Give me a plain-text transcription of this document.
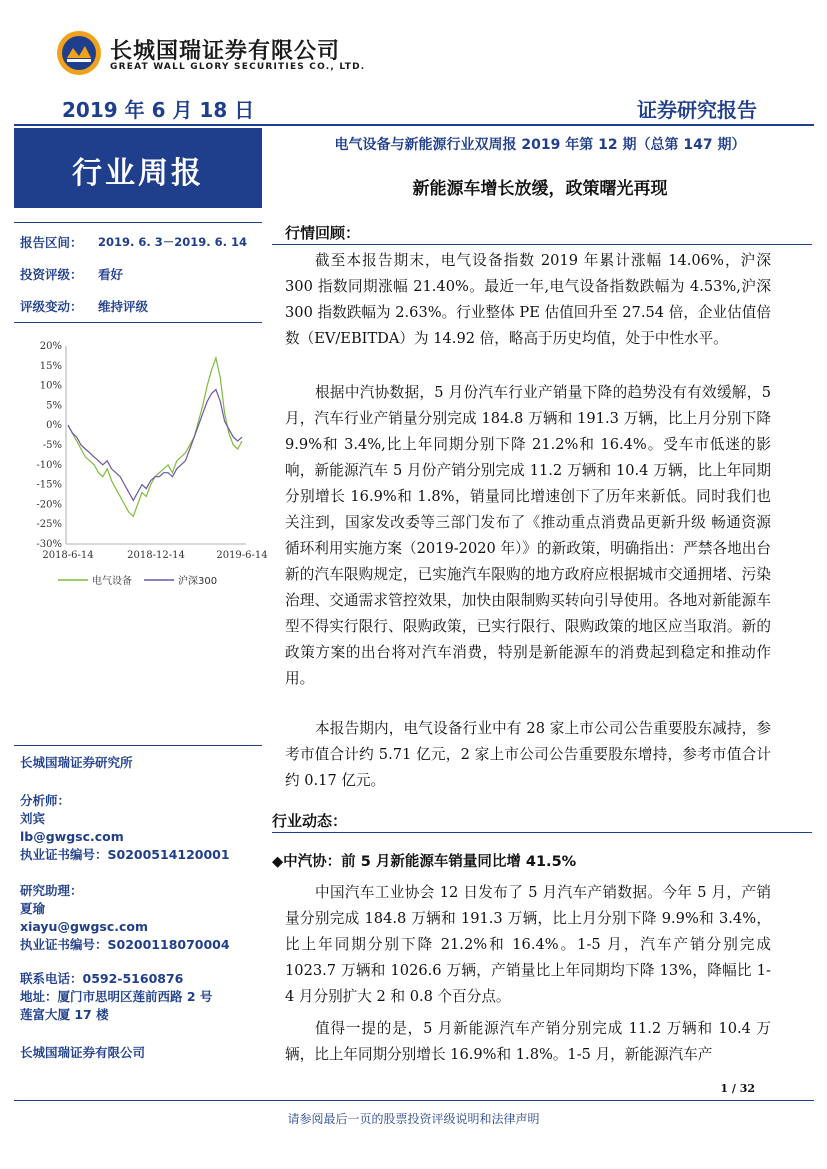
长城国瑞证券有限公司
GREAT WALL GLORY SECURITIES CO., LTD.
2019 年 6 月 18 日	证券研究报告
行业周报
电气设备与新能源行业双周报 2019 年第 12 期（总第 147 期）
新能源车增长放缓，政策曙光再现
报告区间： 2019. 6. 3－2019. 6. 14
投资评级： 看好
评级变动： 维持评级
20%
15%
10%
5%
0%
-5%
-10%
-15%
-20%
-25%
-30%
2018-6-14	2018-12-14	2019-6-14
电气设备	沪深300
长城国瑞证券研究所
分析师：
刘宾
lb@gwgsc.com
执业证书编号：S0200514120001
研究助理：
夏瑜
xiayu@gwgsc.com
执业证书编号：S0200118070004
联系电话：0592-5160876
地址：厦门市思明区莲前西路 2 号
莲富大厦 17 楼
长城国瑞证券有限公司
行情回顾：
截至本报告期末，电气设备指数 2019 年累计涨幅 14.06%，沪深 300 指数同期涨幅 21.40%。最近一年,电气设备指数跌幅为 4.53%,沪深 300 指数跌幅为 2.63%。行业整体 PE 估值回升至 27.54 倍，企业估值倍数（EV/EBITDA）为 14.92 倍，略高于历史均值，处于中性水平。
根据中汽协数据，5 月份汽车行业产销量下降的趋势没有有效缓解，5 月，汽车行业产销量分别完成 184.8 万辆和 191.3 万辆，比上月分别下降 9.9%和 3.4%,比上年同期分别下降 21.2%和 16.4%。受车市低迷的影响，新能源汽车 5 月份产销分别完成 11.2 万辆和 10.4 万辆，比上年同期分别增长 16.9%和 1.8%，销量同比增速创下了历年来新低。同时我们也关注到，国家发改委等三部门发布了《推动重点消费品更新升级 畅通资源循环利用实施方案（2019-2020 年）》的新政策，明确指出：严禁各地出台新的汽车限购规定，已实施汽车限购的地方政府应根据城市交通拥堵、污染治理、交通需求管控效果，加快由限制购买转向引导使用。各地对新能源车型不得实行限行、限购政策，已实行限行、限购政策的地区应当取消。新的政策方案的出台将对汽车消费，特别是新能源车的消费起到稳定和推动作用。
本报告期内，电气设备行业中有 28 家上市公司公告重要股东减持，参考市值合计约 5.71 亿元，2 家上市公司公告重要股东增持，参考市值合计约 0.17 亿元。
行业动态：
◆中汽协：前 5 月新能源车销量同比增 41.5%
中国汽车工业协会 12 日发布了 5 月汽车产销数据。今年 5 月，产销量分别完成 184.8 万辆和 191.3 万辆，比上月分别下降 9.9%和 3.4%，比上年同期分别下降 21.2%和 16.4%。1-5 月，汽车产销分别完成 1023.7 万辆和 1026.6 万辆，产销量比上年同期均下降 13%，降幅比 1-4 月分别扩大 2 和 0.8 个百分点。
值得一提的是，5 月新能源汽车产销分别完成 11.2 万辆和 10.4 万辆，比上年同期分别增长 16.9%和 1.8%。1-5 月，新能源汽车产
1 / 32
请参阅最后一页的股票投资评级说明和法律声明
